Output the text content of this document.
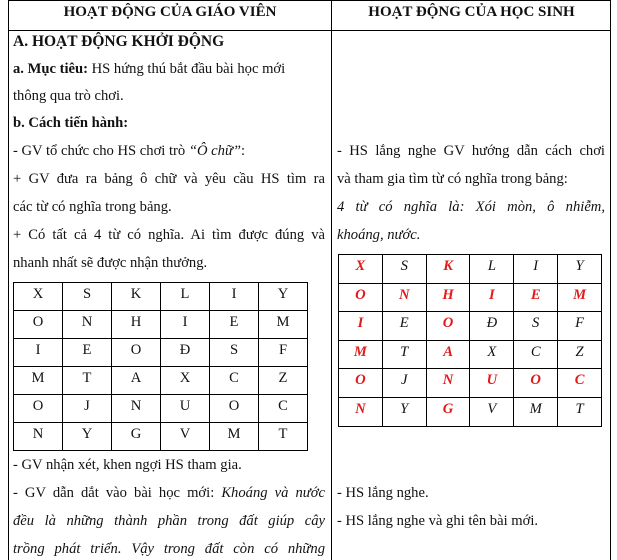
HOẠT ĐỘNG CỦA GIÁO VIÊN	HOẠT ĐỘNG CỦA HỌC SINH
A. HOẠT ĐỘNG KHỞI ĐỘNG
a. Mục tiêu: HS hứng thú bắt đầu bài học mới
thông qua trò chơi.
b. Cách tiến hành:
- GV tổ chức cho HS chơi trò “Ô chữ”:
+ GV đưa ra bảng ô chữ và yêu cầu HS tìm ra
các từ có nghĩa trong bảng.
+ Có tất cả 4 từ có nghĩa. Ai tìm được đúng và
nhanh nhất sẽ được nhận thưởng.
X	S	K	L	I	Y
O	N	H	I	E	M
I	E	O	Đ	S	F
M	T	A	X	C	Z
O	J	N	U	O	C
N	Y	G	V	M	T
- GV nhận xét, khen ngợi HS tham gia.
- GV dẫn dắt vào bài học mới: Khoáng và nước
đều là những thành phần trong đất giúp cây
trồng phát triển. Vậy trong đất còn có những
- HS lắng nghe GV hướng dẫn cách chơi
và tham gia tìm từ có nghĩa trong bảng:
4 từ có nghĩa là: Xói mòn, ô nhiễm,
khoáng, nước.
X	S	K	L	I	Y
O	N	H	I	E	M
I	E	O	Đ	S	F
M	T	A	X	C	Z
O	J	N	U	O	C
N	Y	G	V	M	T
- HS lắng nghe.
- HS lắng nghe và ghi tên bài mới.
